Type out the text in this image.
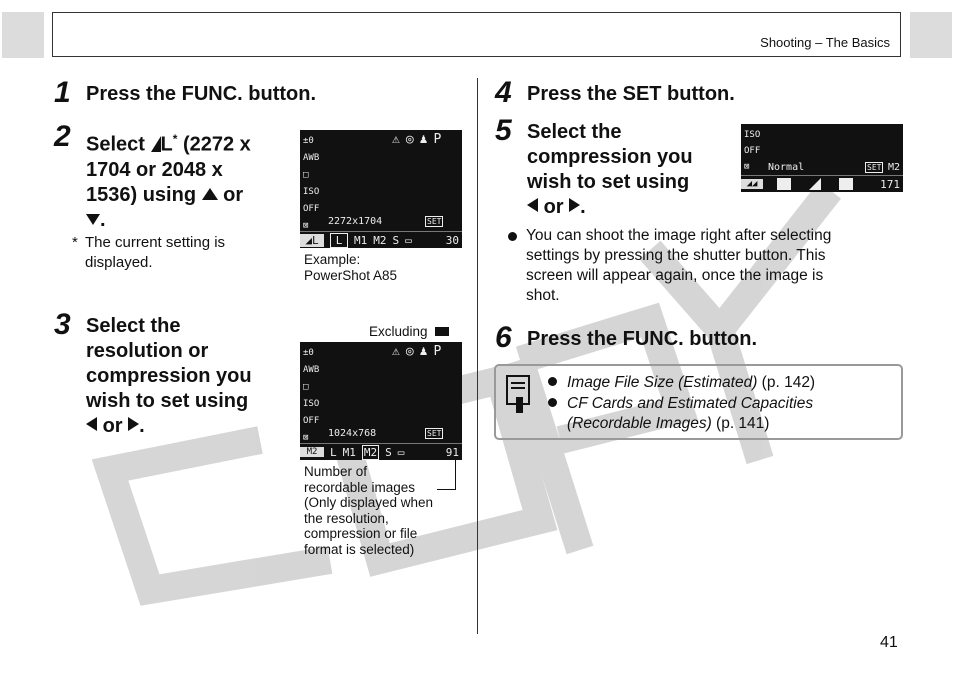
Shooting – The Basics
1 Press the FUNC. button.
2 Select L* (2272 x
1704 or 2048 x
1536) using or
.
* The current setting is
displayed.
±0
AWB
□
ISO
OFF
⊠
⚠◎♟P
2272x1704	SET
◢L	L	M1 M2 S ▭	30
Example:
PowerShot A85
3 Select the
resolution or
compression you
wish to set using
or .
Excluding
±0
AWB
□
ISO
OFF
⊠
⚠◎♟P
1024x768	SET
M2	L M1 M2 S ▭	91
Number of
recordable images
(Only displayed when
the resolution,
compression or file
format is selected)
4 Press the SET button.
5 Select the
compression you
wish to set using
or .
ISO
OFF
⊠	Normal	SET M2
◢◢	171
You can shoot the image right after selecting
settings by pressing the shutter button. This
screen will appear again, once the image is
shot.
6 Press the FUNC. button.
Image File Size (Estimated) (p. 142)
CF Cards and Estimated Capacities
(Recordable Images) (p. 141)
41
